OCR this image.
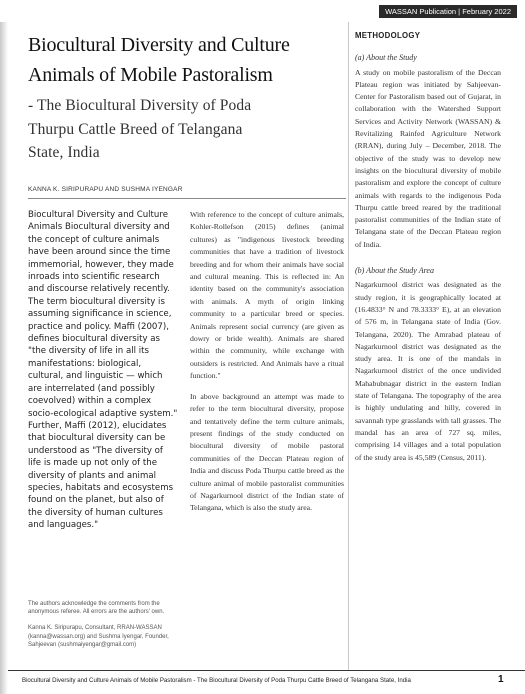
WASSAN Publication | February 2022
Biocultural Diversity and Culture
Animals of Mobile Pastoralism
- The Biocultural Diversity of Poda
Thurpu Cattle Breed of Telangana
State, India
KANNA K. SIRIPURAPU AND SUSHMA IYENGAR
Biocultural Diversity and Culture Animals Biocultural diversity and the concept of culture animals have been around since the time immemorial, however, they made inroads into scientific research and discourse relatively recently. The term biocultural diversity is assuming significance in science, practice and policy. Maffi (2007), defines biocultural diversity as "the diversity of life in all its manifestations: biological, cultural, and linguistic — which are interrelated (and possibly coevolved) within a complex socio-ecological adaptive system." Further, Maffi (2012), elucidates that biocultural diversity can be understood as "The diversity of life is made up not only of the diversity of plants and animal species, habitats and ecosystems found on the planet, but also of the diversity of human cultures and languages."

With reference to the concept of culture animals, Kohler-Rollefson (2015) defines (animal cultures) as "indigenous livestock breeding communities that have a tradition of livestock breeding and for whom their animals have social and cultural meaning. This is reflected in: An identity based on the community's association with animals. A myth of origin linking community to a particular breed or species. Animals represent social currency (are given as dowry or bride wealth). Animals are shared within the community, while exchange with outsiders is restricted. And Animals have a ritual function."

In above background an attempt was made to refer to the term biocultural diversity, propose and tentatively define the term culture animals, present findings of the study conducted on biocultural diversity of mobile pastoral communities of the Deccan Plateau region of India and discuss Poda Thurpu cattle breed as the culture animal of mobile pastoralist communities of Nagarkurnool district of the Indian state of Telangana, which is also the study area.

The authors acknowledge the comments from the anonymous referee. All errors are the authors' own.

Kanna K. Siripurapu, Consultant, RRAN-WASSAN (kanna@wassan.org) and Sushma Iyengar, Founder, Sahjeevan (sushmaiyengar@gmail.com)

METHODOLOGY
(a) About the Study
A study on mobile pastoralism of the Deccan Plateau region was initiated by Sahjeevan-Center for Pastoralism based out of Gujarat, in collaboration with the Watershed Support Services and Activity Network (WASSAN) & Revitalizing Rainfed Agriculture Network (RRAN), during July – December, 2018. The objective of the study was to develop new insights on the biocultural diversity of mobile pastoralism and explore the concept of culture animals with regards to the indigenous Poda Thurpu cattle breed reared by the traditional pastoralist communities of the Indian state of Telangana state of the Deccan Plateau region of India.
(b) About the Study Area
Nagarkurnool district was designated as the study region, it is geographically located at (16.4833° N and 78.3333° E), at an elevation of 576 m, in Telangana state of India (Gov. Telangana, 2020). The Amrabad plateau of Nagarkurnool district was designated as the study area. It is one of the mandals in Nagarkurnool district of the once undivided Mahabubnagar district in the eastern Indian state of Telangana. The topography of the area is highly undulating and hilly, covered in savannah type grasslands with tall grasses. The mandal has an area of 727 sq. miles, comprising 14 villages and a total population of the study area is 45,589 (Census, 2011).
Biocultural Diversity and Culture Animals of Mobile Pastoralism - The Biocultural Diversity of Poda Thurpu Cattle Breed of Telangana State, India	1
